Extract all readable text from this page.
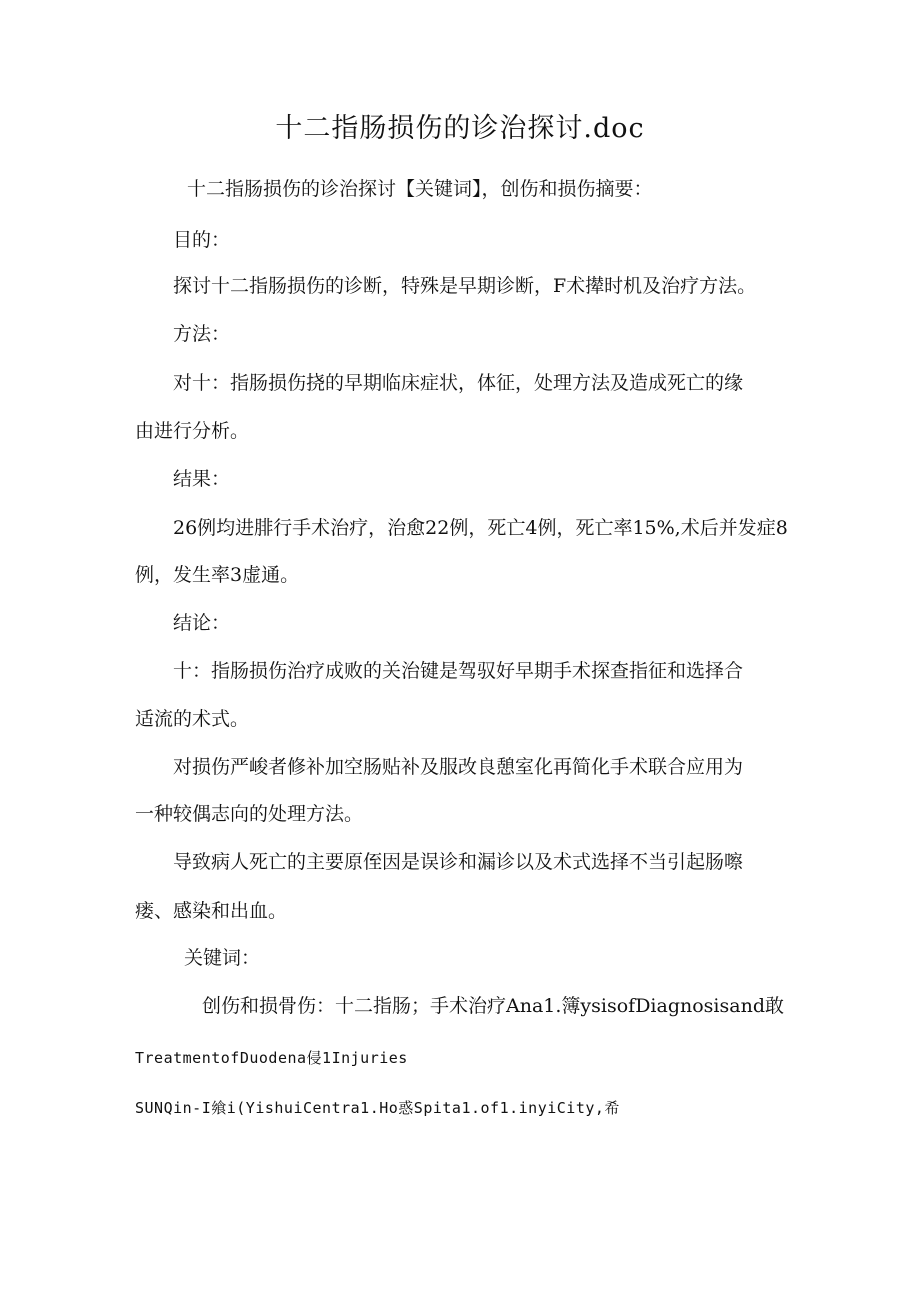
十二指肠损伤的诊治探讨.doc
十二指肠损伤的诊治探讨【关键词】，创伤和损伤摘要：
目的：
探讨十二指肠损伤的诊断，特殊是早期诊断，F术撵时机及治疗方法。
方法：
对十：指肠损伤挠的早期临床症状，体征，处理方法及造成死亡的缘
由进行分析。
结果：
26例均进腓行手术治疗，治愈22例，死亡4例，死亡率15%,术后并发症8
例，发生率3虚通。
结论：
十：指肠损伤治疗成败的关治键是驾驭好早期手术探查指征和选择合
适流的术式。
对损伤严峻者修补加空肠贴补及服改良憩室化再简化手术联合应用为
一种较偶志向的处理方法。
导致病人死亡的主要原侄因是误诊和漏诊以及术式选择不当引起肠嚓
瘘、感染和出血。
关键词：
创伤和损骨伤：十二指肠；手术治疗Ana1.簿ysisofDiagnosisand敢
TreatmentofDuodena侵1Injuries
SUNQin-I飨i(YishuiCentra1.Ho惑Spita1.of1.inyiCity,希
